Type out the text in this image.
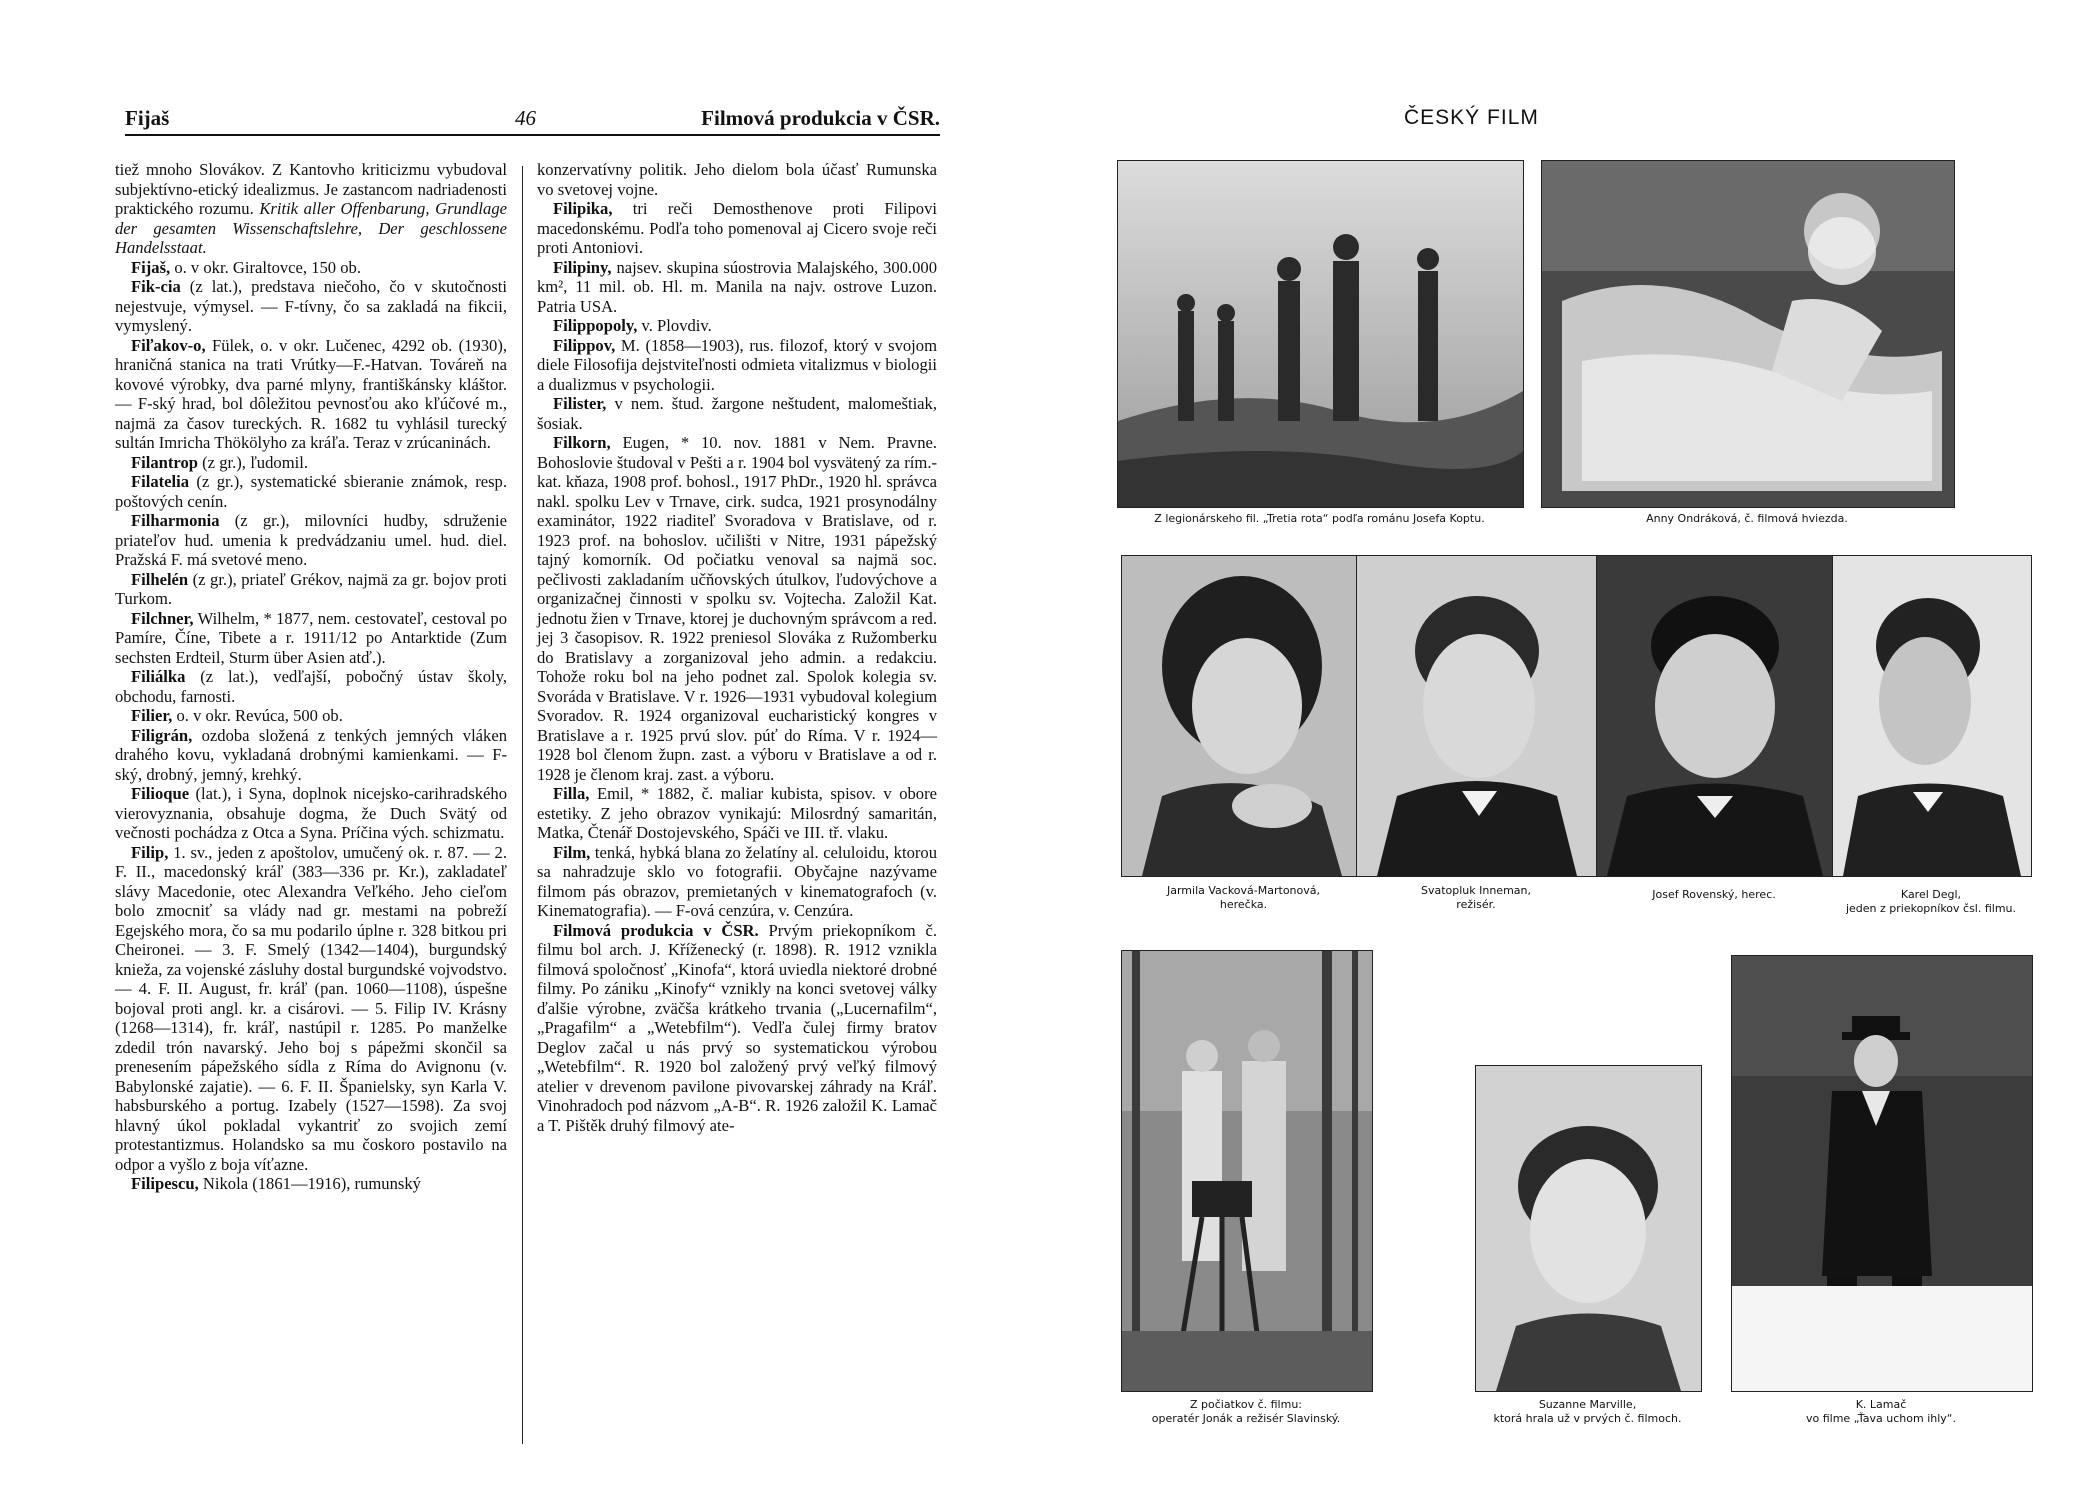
Fijaš	46	Filmová produkcia v ČSR.

tiež mnoho Slovákov. Z Kantovho kriticizmu vybudoval subjektívno-etický idealizmus. Je zastancom nadriadenosti praktického rozumu. Kritik aller Offenbarung, Grundlage der gesamten Wissenschaftslehre, Der geschlossene Handelsstaat.

Fijaš, o. v okr. Giraltovce, 150 ob.

Fik-cia (z lat.), predstava niečoho, čo v skutočnosti nejestvuje, výmysel. — F-tívny, čo sa zakladá na fikcii, vymyslený.

Fiľakov-o, Fülek, o. v okr. Lučenec, 4292 ob. (1930), hraničná stanica na trati Vrútky—F.-Hatvan. Továreň na kovové výrobky, dva parné mlyny, františkánsky kláštor. — F-ský hrad, bol dôležitou pevnosťou ako kľúčové m., najmä za časov tureckých. R. 1682 tu vyhlásil turecký sultán Imricha Thökölyho za kráľa. Teraz v zrúcaninách.

Filantrop (z gr.), ľudomil.

Filatelia (z gr.), systematické sbieranie známok, resp. poštových cenín.

Filharmonia (z gr.), milovníci hudby, sdruženie priateľov hud. umenia k predvádzaniu umel. hud. diel. Pražská F. má svetové meno.

Filhelén (z gr.), priateľ Grékov, najmä za gr. bojov proti Turkom.

Filchner, Wilhelm, * 1877, nem. cestovateľ, cestoval po Pamíre, Číne, Tibete a r. 1911/12 po Antarktide (Zum sechsten Erdteil, Sturm über Asien atď.).

Filiálka (z lat.), vedľajší, pobočný ústav školy, obchodu, farnosti.

Filier, o. v okr. Revúca, 500 ob.

Filigrán, ozdoba složená z tenkých jemných vláken drahého kovu, vykladaná drobnými kamienkami. — F-ský, drobný, jemný, krehký.

Filioque (lat.), i Syna, doplnok nicejsko-carihradského vierovyznania, obsahuje dogma, že Duch Svätý od večnosti pochádza z Otca a Syna. Príčina vých. schizmatu.

Filip, 1. sv., jeden z apoštolov, umučený ok. r. 87. — 2. F. II., macedonský kráľ (383—336 pr. Kr.), zakladateľ slávy Macedonie, otec Alexandra Veľkého. Jeho cieľom bolo zmocniť sa vlády nad gr. mestami na pobreží Egejského mora, čo sa mu podarilo úplne r. 328 bitkou pri Cheironei. — 3. F. Smelý (1342—1404), burgundský knieža, za vojenské zásluhy dostal burgundské vojvodstvo. — 4. F. II. August, fr. kráľ (pan. 1060—1108), úspešne bojoval proti angl. kr. a cisárovi. — 5. Filip IV. Krásny (1268—1314), fr. kráľ, nastúpil r. 1285. Po manželke zdedil trón navarský. Jeho boj s pápežmi skončil sa prenesením pápežského sídla z Ríma do Avignonu (v. Babylonské zajatie). — 6. F. II. Španielsky, syn Karla V. habsburského a portug. Izabely (1527—1598). Za svoj hlavný úkol pokladal vykantriť zo svojich zemí protestantizmus. Holandsko sa mu čoskoro postavilo na odpor a vyšlo z boja víťazne.

Filipescu, Nikola (1861—1916), rumunský

konzervatívny politik. Jeho dielom bola účasť Rumunska vo svetovej vojne.

Filipika, tri reči Demosthenove proti Filipovi macedonskému. Podľa toho pomenoval aj Cicero svoje reči proti Antoniovi.

Filipiny, najsev. skupina súostrovia Malajského, 300.000 km², 11 mil. ob. Hl. m. Manila na najv. ostrove Luzon. Patria USA.

Filippopoly, v. Plovdiv.

Filippov, M. (1858—1903), rus. filozof, ktorý v svojom diele Filosofija dejstviteľnosti odmieta vitalizmus v biologii a dualizmus v psychologii.

Filister, v nem. štud. žargone neštudent, malomeštiak, šosiak.

Filkorn, Eugen, * 10. nov. 1881 v Nem. Pravne. Bohoslovie študoval v Pešti a r. 1904 bol vysvätený za rím.-kat. kňaza, 1908 prof. bohosl., 1917 PhDr., 1920 hl. správca nakl. spolku Lev v Trnave, cirk. sudca, 1921 prosynodálny examinátor, 1922 riaditeľ Svoradova v Bratislave, od r. 1923 prof. na bohoslov. učilišti v Nitre, 1931 pápežský tajný komorník. Od počiatku venoval sa najmä soc. pečlivosti zakladaním učňovských útulkov, ľudovýchove a organizačnej činnosti v spolku sv. Vojtecha. Založil Kat. jednotu žien v Trnave, ktorej je duchovným správcom a red. jej 3 časopisov. R. 1922 preniesol Slováka z Ružomberku do Bratislavy a zorganizoval jeho admin. a redakciu. Tohože roku bol na jeho podnet zal. Spolok kolegia sv. Svoráda v Bratislave. V r. 1926—1931 vybudoval kolegium Svoradov. R. 1924 organizoval eucharistický kongres v Bratislave a r. 1925 prvú slov. púť do Ríma. V r. 1924—1928 bol členom župn. zast. a výboru v Bratislave a od r. 1928 je členom kraj. zast. a výboru.

Filla, Emil, * 1882, č. maliar kubista, spisov. v obore estetiky. Z jeho obrazov vynikajú: Milosrdný samaritán, Matka, Čtenář Dostojevského, Spáči ve III. tř. vlaku.

Film, tenká, hybká blana zo želatíny al. celuloidu, ktorou sa nahradzuje sklo vo fotografii. Obyčajne nazývame filmom pás obrazov, premietaných v kinematografoch (v. Kinematografia). — F-ová cenzúra, v. Cenzúra.

Filmová produkcia v ČSR. Prvým priekopníkom č. filmu bol arch. J. Kříženecký (r. 1898). R. 1912 vznikla filmová spoločnosť „Kinofa“, ktorá uviedla niektoré drobné filmy. Po zániku „Kinofy“ vznikly na konci svetovej války ďalšie výrobne, zväčša krátkeho trvania („Lucernafilm“, „Pragafilm“ a „Wetebfilm“). Vedľa čulej firmy bratov Deglov začal u nás prvý so systematickou výrobou „Wetebfilm“. R. 1920 bol založený prvý veľký filmový atelier v drevenom pavilone pivovarskej záhrady na Kráľ. Vinohradoch pod názvom „A-B“. R. 1926 založil K. Lamač a T. Pištěk druhý filmový ate-

ČESKÝ FILM
Z legionárskeho fil. „Tretia rota“ podľa románu Josefa Koptu.	Anny Ondráková, č. filmová hviezda.
Jarmila Vacková-Martonová,
herečka.
Svatopluk Inneman,
režisér.
Josef Rovenský, herec.	Karel Degl,
jeden z priekopníkov čsl. filmu.
Z počiatkov č. filmu:
operatér Jonák a režisér Slavinský.
Suzanne Marville,
ktorá hrala už v prvých č. filmoch.
K. Lamač
vo filme „Ťava uchom ihly“.
